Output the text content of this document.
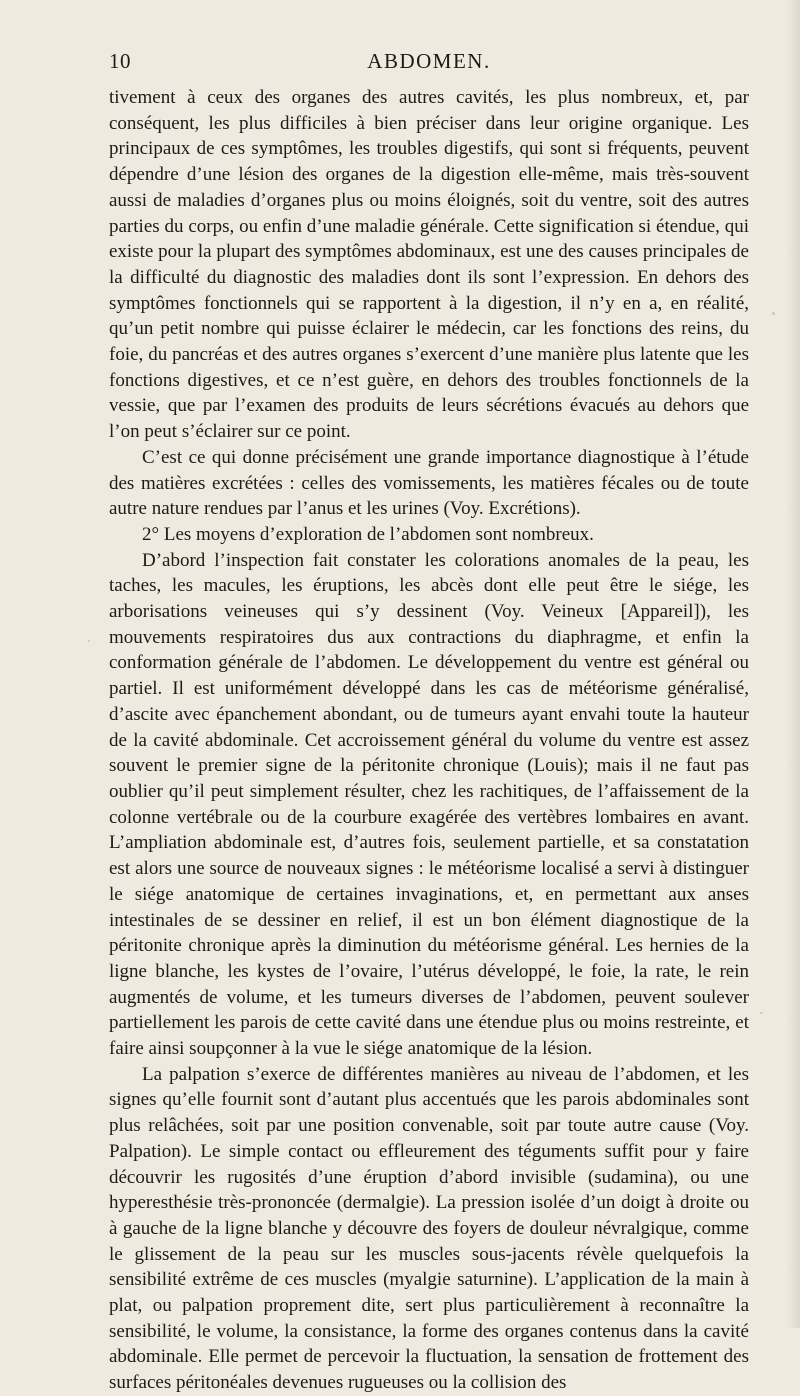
10	ABDOMEN.

tivement à ceux des organes des autres cavités, les plus nombreux, et, par conséquent, les plus difficiles à bien préciser dans leur origine organique. Les principaux de ces symptômes, les troubles digestifs, qui sont si fréquents, peuvent dépendre d’une lésion des organes de la digestion elle-même, mais très-souvent aussi de maladies d’organes plus ou moins éloignés, soit du ventre, soit des autres parties du corps, ou enfin d’une maladie générale. Cette signification si étendue, qui existe pour la plupart des symptômes abdominaux, est une des causes principales de la difficulté du diagnostic des maladies dont ils sont l’expression. En dehors des symptômes fonctionnels qui se rapportent à la digestion, il n’y en a, en réalité, qu’un petit nombre qui puisse éclairer le médecin, car les fonctions des reins, du foie, du pancréas et des autres organes s’exercent d’une manière plus latente que les fonctions digestives, et ce n’est guère, en dehors des troubles fonctionnels de la vessie, que par l’examen des produits de leurs sécrétions évacués au dehors que l’on peut s’éclairer sur ce point.

C’est ce qui donne précisément une grande importance diagnostique à l’étude des matières excrétées : celles des vomissements, les matières fécales ou de toute autre nature rendues par l’anus et les urines (Voy. Excrétions).

2° Les moyens d’exploration de l’abdomen sont nombreux.

D’abord l’inspection fait constater les colorations anomales de la peau, les taches, les macules, les éruptions, les abcès dont elle peut être le siége, les arborisations veineuses qui s’y dessinent (Voy. Veineux [Appareil]), les mouvements respiratoires dus aux contractions du diaphragme, et enfin la conformation générale de l’abdomen. Le développement du ventre est général ou partiel. Il est uniformément développé dans les cas de météorisme généralisé, d’ascite avec épanchement abondant, ou de tumeurs ayant envahi toute la hauteur de la cavité abdominale. Cet accroissement général du volume du ventre est assez souvent le premier signe de la péritonite chronique (Louis); mais il ne faut pas oublier qu’il peut simplement résulter, chez les rachitiques, de l’affaissement de la colonne vertébrale ou de la courbure exagérée des vertèbres lombaires en avant. L’ampliation abdominale est, d’autres fois, seulement partielle, et sa constatation est alors une source de nouveaux signes : le météorisme localisé a servi à distinguer le siége anatomique de certaines invaginations, et, en permettant aux anses intestinales de se dessiner en relief, il est un bon élément diagnostique de la péritonite chronique après la diminution du météorisme général. Les hernies de la ligne blanche, les kystes de l’ovaire, l’utérus développé, le foie, la rate, le rein augmentés de volume, et les tumeurs diverses de l’abdomen, peuvent soulever partiellement les parois de cette cavité dans une étendue plus ou moins restreinte, et faire ainsi soupçonner à la vue le siége anatomique de la lésion.

La palpation s’exerce de différentes manières au niveau de l’abdomen, et les signes qu’elle fournit sont d’autant plus accentués que les parois abdominales sont plus relâchées, soit par une position convenable, soit par toute autre cause (Voy. Palpation). Le simple contact ou effleurement des téguments suffit pour y faire découvrir les rugosités d’une éruption d’abord invisible (sudamina), ou une hyperesthésie très-prononcée (dermalgie). La pression isolée d’un doigt à droite ou à gauche de la ligne blanche y découvre des foyers de douleur névralgique, comme le glissement de la peau sur les muscles sous-jacents révèle quelquefois la sensibilité extrême de ces muscles (myalgie saturnine). L’application de la main à plat, ou palpation proprement dite, sert plus particulièrement à reconnaître la sensibilité, le volume, la consistance, la forme des organes contenus dans la cavité abdominale. Elle permet de percevoir la fluctuation, la sensation de frottement des surfaces péritonéales devenues rugueuses ou la collision des
